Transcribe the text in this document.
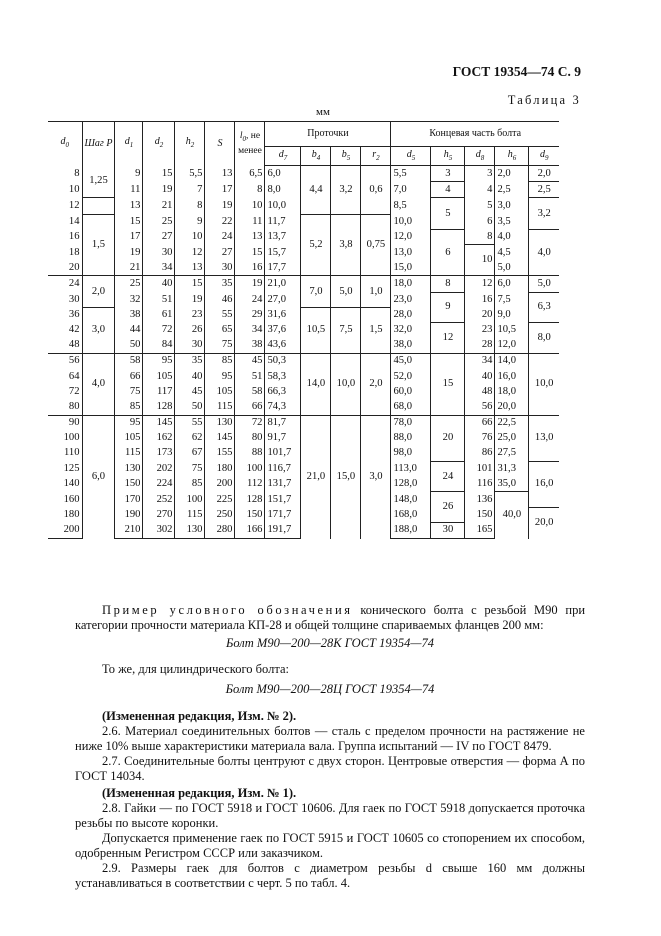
ГОСТ 19354—74 С. 9
Таблица 3
мм
$d_0$	Шаг P	$d_1$	$d_2$	$h_2$	S	$l_0$, не менее	Проточки				Концевая часть болта				
							$d_7$	$b_4$	$b_5$	$r_2$	$d_5$	$h_5$	$d_8$	$h_6$	$d_9$
8	1,25	9	15	5,5	13	6,5	6,0	4,4	3,2	0,6	5,5	3	3	2,0	2,0
10		11	19	7	17	8	8,0				7,0	4	4	2,5	2,5
12		13	21	8	19	10	10,0				8,5	5	5	3,0	3,2
14	1,5	15	25	9	22	11	11,7	5,2	3,8	0,75	10,0		6	3,5	
16		17	27	10	24	13	13,7				12,0	6	8	4,0	4,0
18		19	30	12	27	15	15,7				13,0		10	4,5	
20		21	34	13	30	16	17,7				15,0			5,0	
24	2,0	25	40	15	35	19	21,0	7,0	5,0	1,0	18,0	8	12	6,0	5,0
30		32	51	19	46	24	27,0				23,0	9	16	7,5	6,3
36	3,0	38	61	23	55	29	31,6	10,5	7,5	1,5	28,0		20	9,0	
42		44	72	26	65	34	37,6				32,0	12	23	10,5	8,0
48		50	84	30	75	38	43,6				38,0		28	12,0	
56	4,0	58	95	35	85	45	50,3	14,0	10,0	2,0	45,0	15	34	14,0	10,0
64		66	105	40	95	51	58,3				52,0		40	16,0	
72		75	117	45	105	58	66,3				60,0		48	18,0	
80		85	128	50	115	66	74,3				68,0		56	20,0	
90	6,0	95	145	55	130	72	81,7	21,0	15,0	3,0	78,0	20	66	22,5	13,0
100		105	162	62	145	80	91,7				88,0		76	25,0	
110		115	173	67	155	88	101,7				98,0		86	27,5	
125		130	202	75	180	100	116,7				113,0	24	101	31,3	16,0
140		150	224	85	200	112	131,7				128,0		116	35,0	
160		170	252	100	225	128	151,7				148,0	26	136	40,0	
180		190	270	115	250	150	171,7				168,0		150		20,0
200		210	302	130	280	166	191,7				188,0	30	165		
Пример условного обозначения конического болта с резьбой М90 при категории прочности материала КП-28 и общей толщине спариваемых фланцев 200 мм:
Болт М90—200—28К ГОСТ 19354—74
То же, для цилиндрического болта:
Болт М90—200—28Ц ГОСТ 19354—74
(Измененная редакция, Изм. № 2).
2.6. Материал соединительных болтов — сталь с пределом прочности на растяжение не ниже 10% выше характеристики материала вала. Группа испытаний — IV по ГОСТ 8479.
2.7. Соединительные болты центруют с двух сторон. Центровые отверстия — форма А по ГОСТ 14034.
(Измененная редакция, Изм. № 1).
2.8. Гайки — по ГОСТ 5918 и ГОСТ 10606. Для гаек по ГОСТ 5918 допускается проточка резьбы по высоте коронки.
Допускается применение гаек по ГОСТ 5915 и ГОСТ 10605 со стопорением их способом, одобренным Регистром СССР или заказчиком.
2.9. Размеры гаек для болтов с диаметром резьбы d свыше 160 мм должны устанавливаться в соответствии с черт. 5 по табл. 4.
